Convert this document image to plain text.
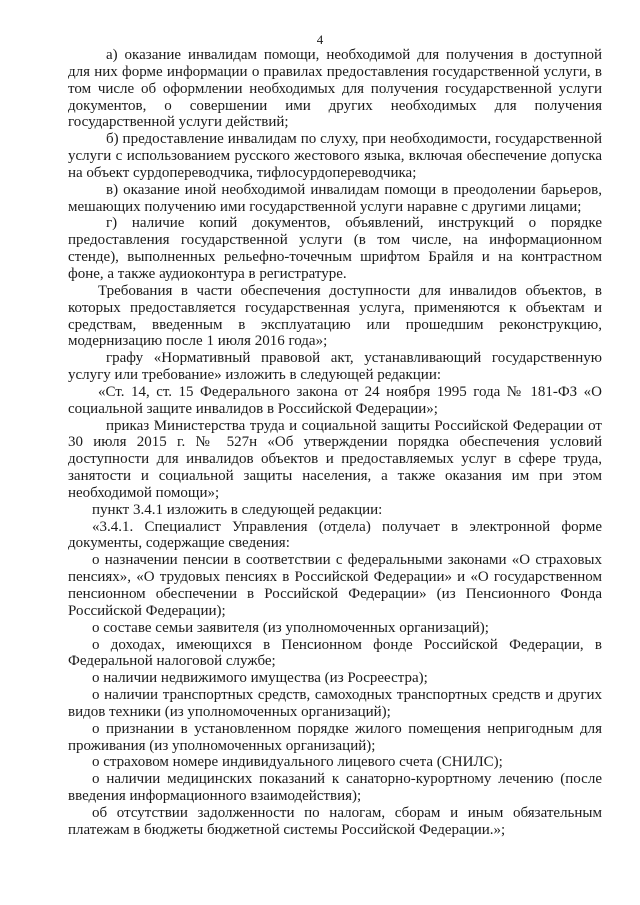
4

а) оказание инвалидам помощи, необходимой для получения в доступной для них форме информации о правилах предоставления государственной услуги, в том числе об оформлении необходимых для получения государственной услуги документов, о совершении ими других необходимых для получения государственной услуги действий;

б) предоставление инвалидам по слуху, при необходимости, государственной услуги с использованием русского жестового языка, включая обеспечение допуска на объект сурдопереводчика, тифлосурдопереводчика;

в) оказание иной необходимой инвалидам помощи в преодолении барьеров, мешающих получению ими государственной услуги наравне с другими лицами;

г) наличие копий документов, объявлений, инструкций о порядке предоставления государственной услуги (в том числе, на информационном стенде), выполненных рельефно-точечным шрифтом Брайля и на контрастном фоне, а также аудиоконтура в регистратуре.

Требования в части обеспечения доступности для инвалидов объектов, в которых предоставляется государственная услуга, применяются к объектам и средствам, введенным в эксплуатацию или прошедшим реконструкцию, модернизацию после 1 июля 2016 года»;

графу «Нормативный правовой акт, устанавливающий государственную услугу или требование» изложить в следующей редакции:

«Ст. 14, ст. 15 Федерального закона от 24 ноября 1995 года № 181-ФЗ «О социальной защите инвалидов в Российской Федерации»;

приказ Министерства труда и социальной защиты Российской Федерации от 30 июля 2015 г. № 527н «Об утверждении порядка обеспечения условий доступности для инвалидов объектов и предоставляемых услуг в сфере труда, занятости и социальной защиты населения, а также оказания им при этом необходимой помощи»;

пункт 3.4.1 изложить в следующей редакции:

«3.4.1. Специалист Управления (отдела) получает в электронной форме документы, содержащие сведения:

о назначении пенсии в соответствии с федеральными законами «О страховых пенсиях», «О трудовых пенсиях в Российской Федерации» и «О государственном пенсионном обеспечении в Российской Федерации» (из Пенсионного Фонда Российской Федерации);

о составе семьи заявителя (из уполномоченных организаций);

о доходах, имеющихся в Пенсионном фонде Российской Федерации, в Федеральной налоговой службе;

о наличии недвижимого имущества (из Росреестра);

о наличии транспортных средств, самоходных транспортных средств и других видов техники (из уполномоченных организаций);

о признании в установленном порядке жилого помещения непригодным для проживания (из уполномоченных организаций);

о страховом номере индивидуального лицевого счета (СНИЛС);

о наличии медицинских показаний к санаторно-курортному лечению (после введения информационного взаимодействия);

об отсутствии задолженности по налогам, сборам и иным обязательным платежам в бюджеты бюджетной системы Российской Федерации.»;
